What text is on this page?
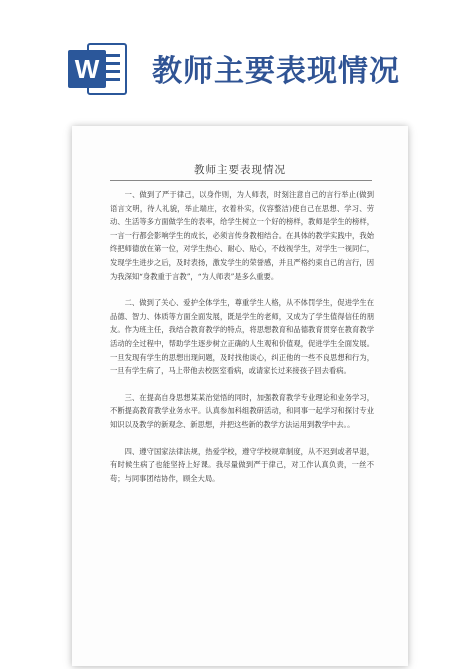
W 教师主要表现情况
教师主要表现情况

一、做到了严于律己，以身作则，为人师表，时刻注意自己的言行举止(做到语言文明，待人礼貌，举止端庄，衣着朴实，仪容整洁)使自己在思想、学习、劳动、生活等多方面做学生的表率，给学生树立一个好的榜样，教师是学生的榜样，一言一行都会影响学生的成长，必须言传身教相结合。在具体的教学实践中，我始终把师德放在第一位，对学生热心、耐心、贴心，不歧视学生，对学生一视同仁，发现学生进步之后，及时表扬，激发学生的荣誉感，并且严格约束自己的言行，因为我深知“身教重于言教”，“为人师表”是多么重要。

二、做到了关心、爱护全体学生，尊重学生人格，从不体罚学生，促进学生在品德、智力、体质等方面全面发展，既是学生的老师，又成为了学生值得信任的朋友。作为班主任，我结合教育教学的特点，将思想教育和品德教育贯穿在教育教学活动的全过程中，帮助学生逐步树立正确的人生观和价值观，促进学生全面发展。一旦发现有学生的思想出现问题，及时找他谈心，纠正他的一些不良思想和行为，一旦有学生病了，马上带他去校医室看病，或请家长过来接孩子回去看病。

三、在提高自身思想某某治觉悟的同时，加强教育教学专业理论和业务学习，不断提高教育教学业务水平。认真参加科组教研活动，和同事一起学习和探讨专业知识以及教学的新观念、新思想，并把这些新的教学方法运用到教学中去。。

四、遵守国家法律法规，热爱学校，遵守学校规章制度，从不迟到或者早退，有时候生病了也能坚持上好课。我尽量做到严于律己，对工作认真负责，一丝不苟；与同事团结协作，顾全大局。
